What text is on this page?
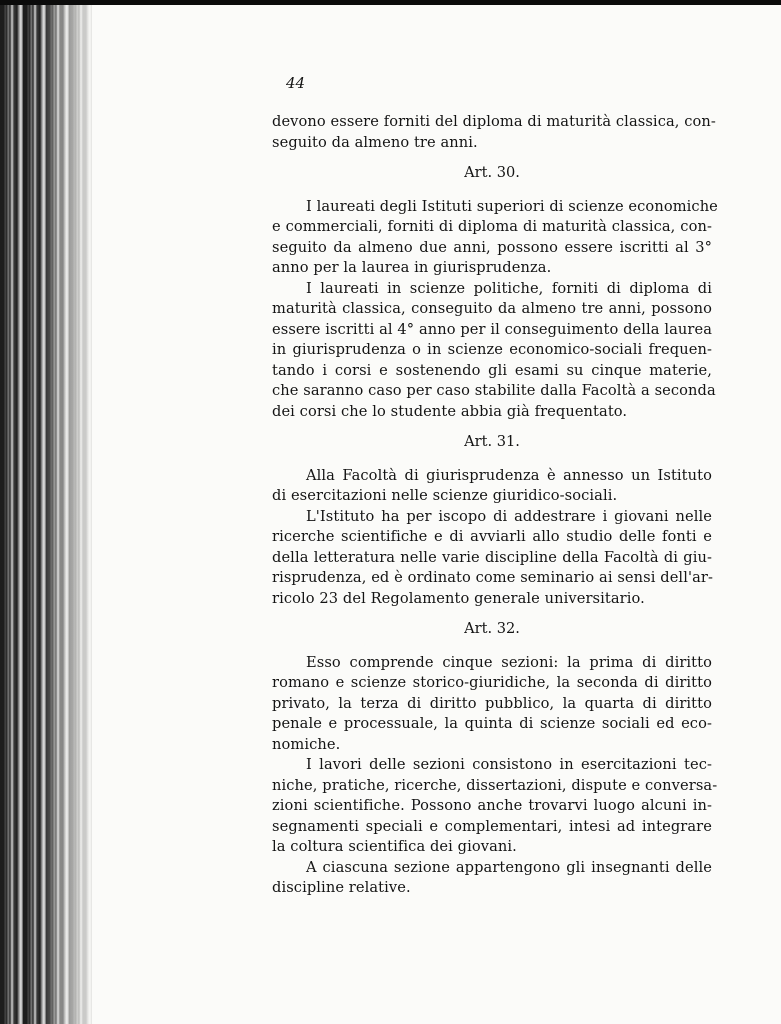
44
devono essere forniti del diploma di maturità classica, con-
seguito da almeno tre anni.
Art. 30.
I laureati degli Istituti superiori di scienze economiche
e commerciali, forniti di diploma di maturità classica, con-
seguito da almeno due anni, possono essere iscritti al 3°
anno per la laurea in giurisprudenza.
I laureati in scienze politiche, forniti di diploma di
maturità classica, conseguito da almeno tre anni, possono
essere iscritti al 4° anno per il conseguimento della laurea
in giurisprudenza o in scienze economico-sociali frequen-
tando i corsi e sostenendo gli esami su cinque materie,
che saranno caso per caso stabilite dalla Facoltà a seconda
dei corsi che lo studente abbia già frequentato.
Art. 31.
Alla Facoltà di giurisprudenza è annesso un Istituto
di esercitazioni nelle scienze giuridico-sociali.
L'Istituto ha per iscopo di addestrare i giovani nelle
ricerche scientifiche e di avviarli allo studio delle fonti e
della letteratura nelle varie discipline della Facoltà di giu-
risprudenza, ed è ordinato come seminario ai sensi dell'ar-
ricolo 23 del Regolamento generale universitario.
Art. 32.
Esso comprende cinque sezioni: la prima di diritto
romano e scienze storico-giuridiche, la seconda di diritto
privato, la terza di diritto pubblico, la quarta di diritto
penale e processuale, la quinta di scienze sociali ed eco-
nomiche.
I lavori delle sezioni consistono in esercitazioni tec-
niche, pratiche, ricerche, dissertazioni, dispute e conversa-
zioni scientifiche. Possono anche trovarvi luogo alcuni in-
segnamenti speciali e complementari, intesi ad integrare
la coltura scientifica dei giovani.
A ciascuna sezione appartengono gli insegnanti delle
discipline relative.
